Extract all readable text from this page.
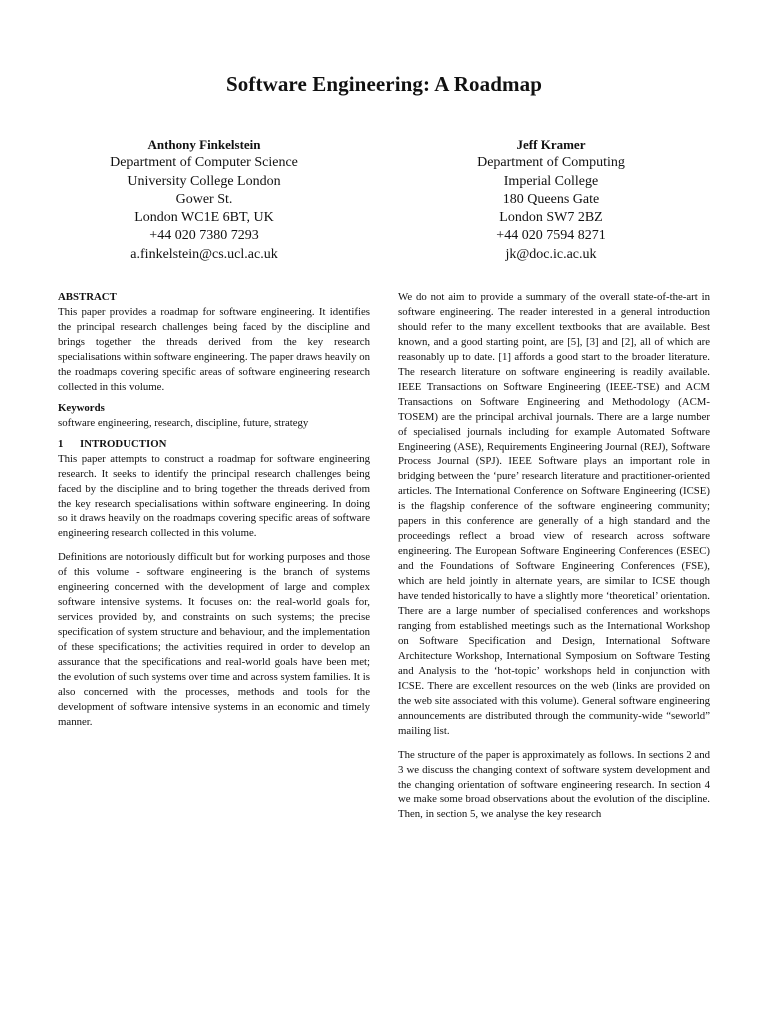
Software Engineering: A Roadmap
Anthony Finkelstein
Department of Computer Science
University College London
Gower St.
London WC1E 6BT, UK
+44 020 7380 7293
a.finkelstein@cs.ucl.ac.uk
Jeff Kramer
Department of Computing
Imperial College
180 Queens Gate
London SW7 2BZ
+44 020 7594 8271
jk@doc.ic.ac.uk
ABSTRACT

This paper provides a roadmap for software engineering. It identifies the principal research challenges being faced by the discipline and brings together the threads derived from the key research specialisations within software engineering. The paper draws heavily on the roadmaps covering specific areas of software engineering research collected in this volume.

Keywords

software engineering, research, discipline, future, strategy

1 INTRODUCTION

This paper attempts to construct a roadmap for software engineering research. It seeks to identify the principal research challenges being faced by the discipline and to bring together the threads derived from the key research specialisations within software engineering. In doing so it draws heavily on the roadmaps covering specific areas of software engineering research collected in this volume.

Definitions are notoriously difficult but for working purposes and those of this volume - software engineering is the branch of systems engineering concerned with the development of large and complex software intensive systems. It focuses on: the real-world goals for, services provided by, and constraints on such systems; the precise specification of system structure and behaviour, and the implementation of these specifications; the activities required in order to develop an assurance that the specifications and real-world goals have been met; the evolution of such systems over time and across system families. It is also concerned with the processes, methods and tools for the development of software intensive systems in an economic and timely manner.

We do not aim to provide a summary of the overall state-of-the-art in software engineering. The reader interested in a general introduction should refer to the many excellent textbooks that are available. Best known, and a good starting point, are [5], [3] and [2], all of which are reasonably up to date. [1] affords a good start to the broader literature. The research literature on software engineering is readily available. IEEE Transactions on Software Engineering (IEEE-TSE) and ACM Transactions on Software Engineering and Methodology (ACM-TOSEM) are the principal archival journals. There are a large number of specialised journals including for example Automated Software Engineering (ASE), Requirements Engineering Journal (REJ), Software Process Journal (SPJ). IEEE Software plays an important role in bridging between the ‘pure’ research literature and practitioner-oriented articles. The International Conference on Software Engineering (ICSE) is the flagship conference of the software engineering community; papers in this conference are generally of a high standard and the proceedings reflect a broad view of research across software engineering. The European Software Engineering Conferences (ESEC) and the Foundations of Software Engineering Conferences (FSE), which are held jointly in alternate years, are similar to ICSE though have tended historically to have a slightly more ‘theoretical’ orientation. There are a large number of specialised conferences and workshops ranging from established meetings such as the International Workshop on Software Specification and Design, International Software Architecture Workshop, International Symposium on Software Testing and Analysis to the ‘hot-topic’ workshops held in conjunction with ICSE. There are excellent resources on the web (links are provided on the web site associated with this volume). General software engineering announcements are distributed through the community-wide “seworld” mailing list.

The structure of the paper is approximately as follows. In sections 2 and 3 we discuss the changing context of software system development and the changing orientation of software engineering research. In section 4 we make some broad observations about the evolution of the discipline. Then, in section 5, we analyse the key research
